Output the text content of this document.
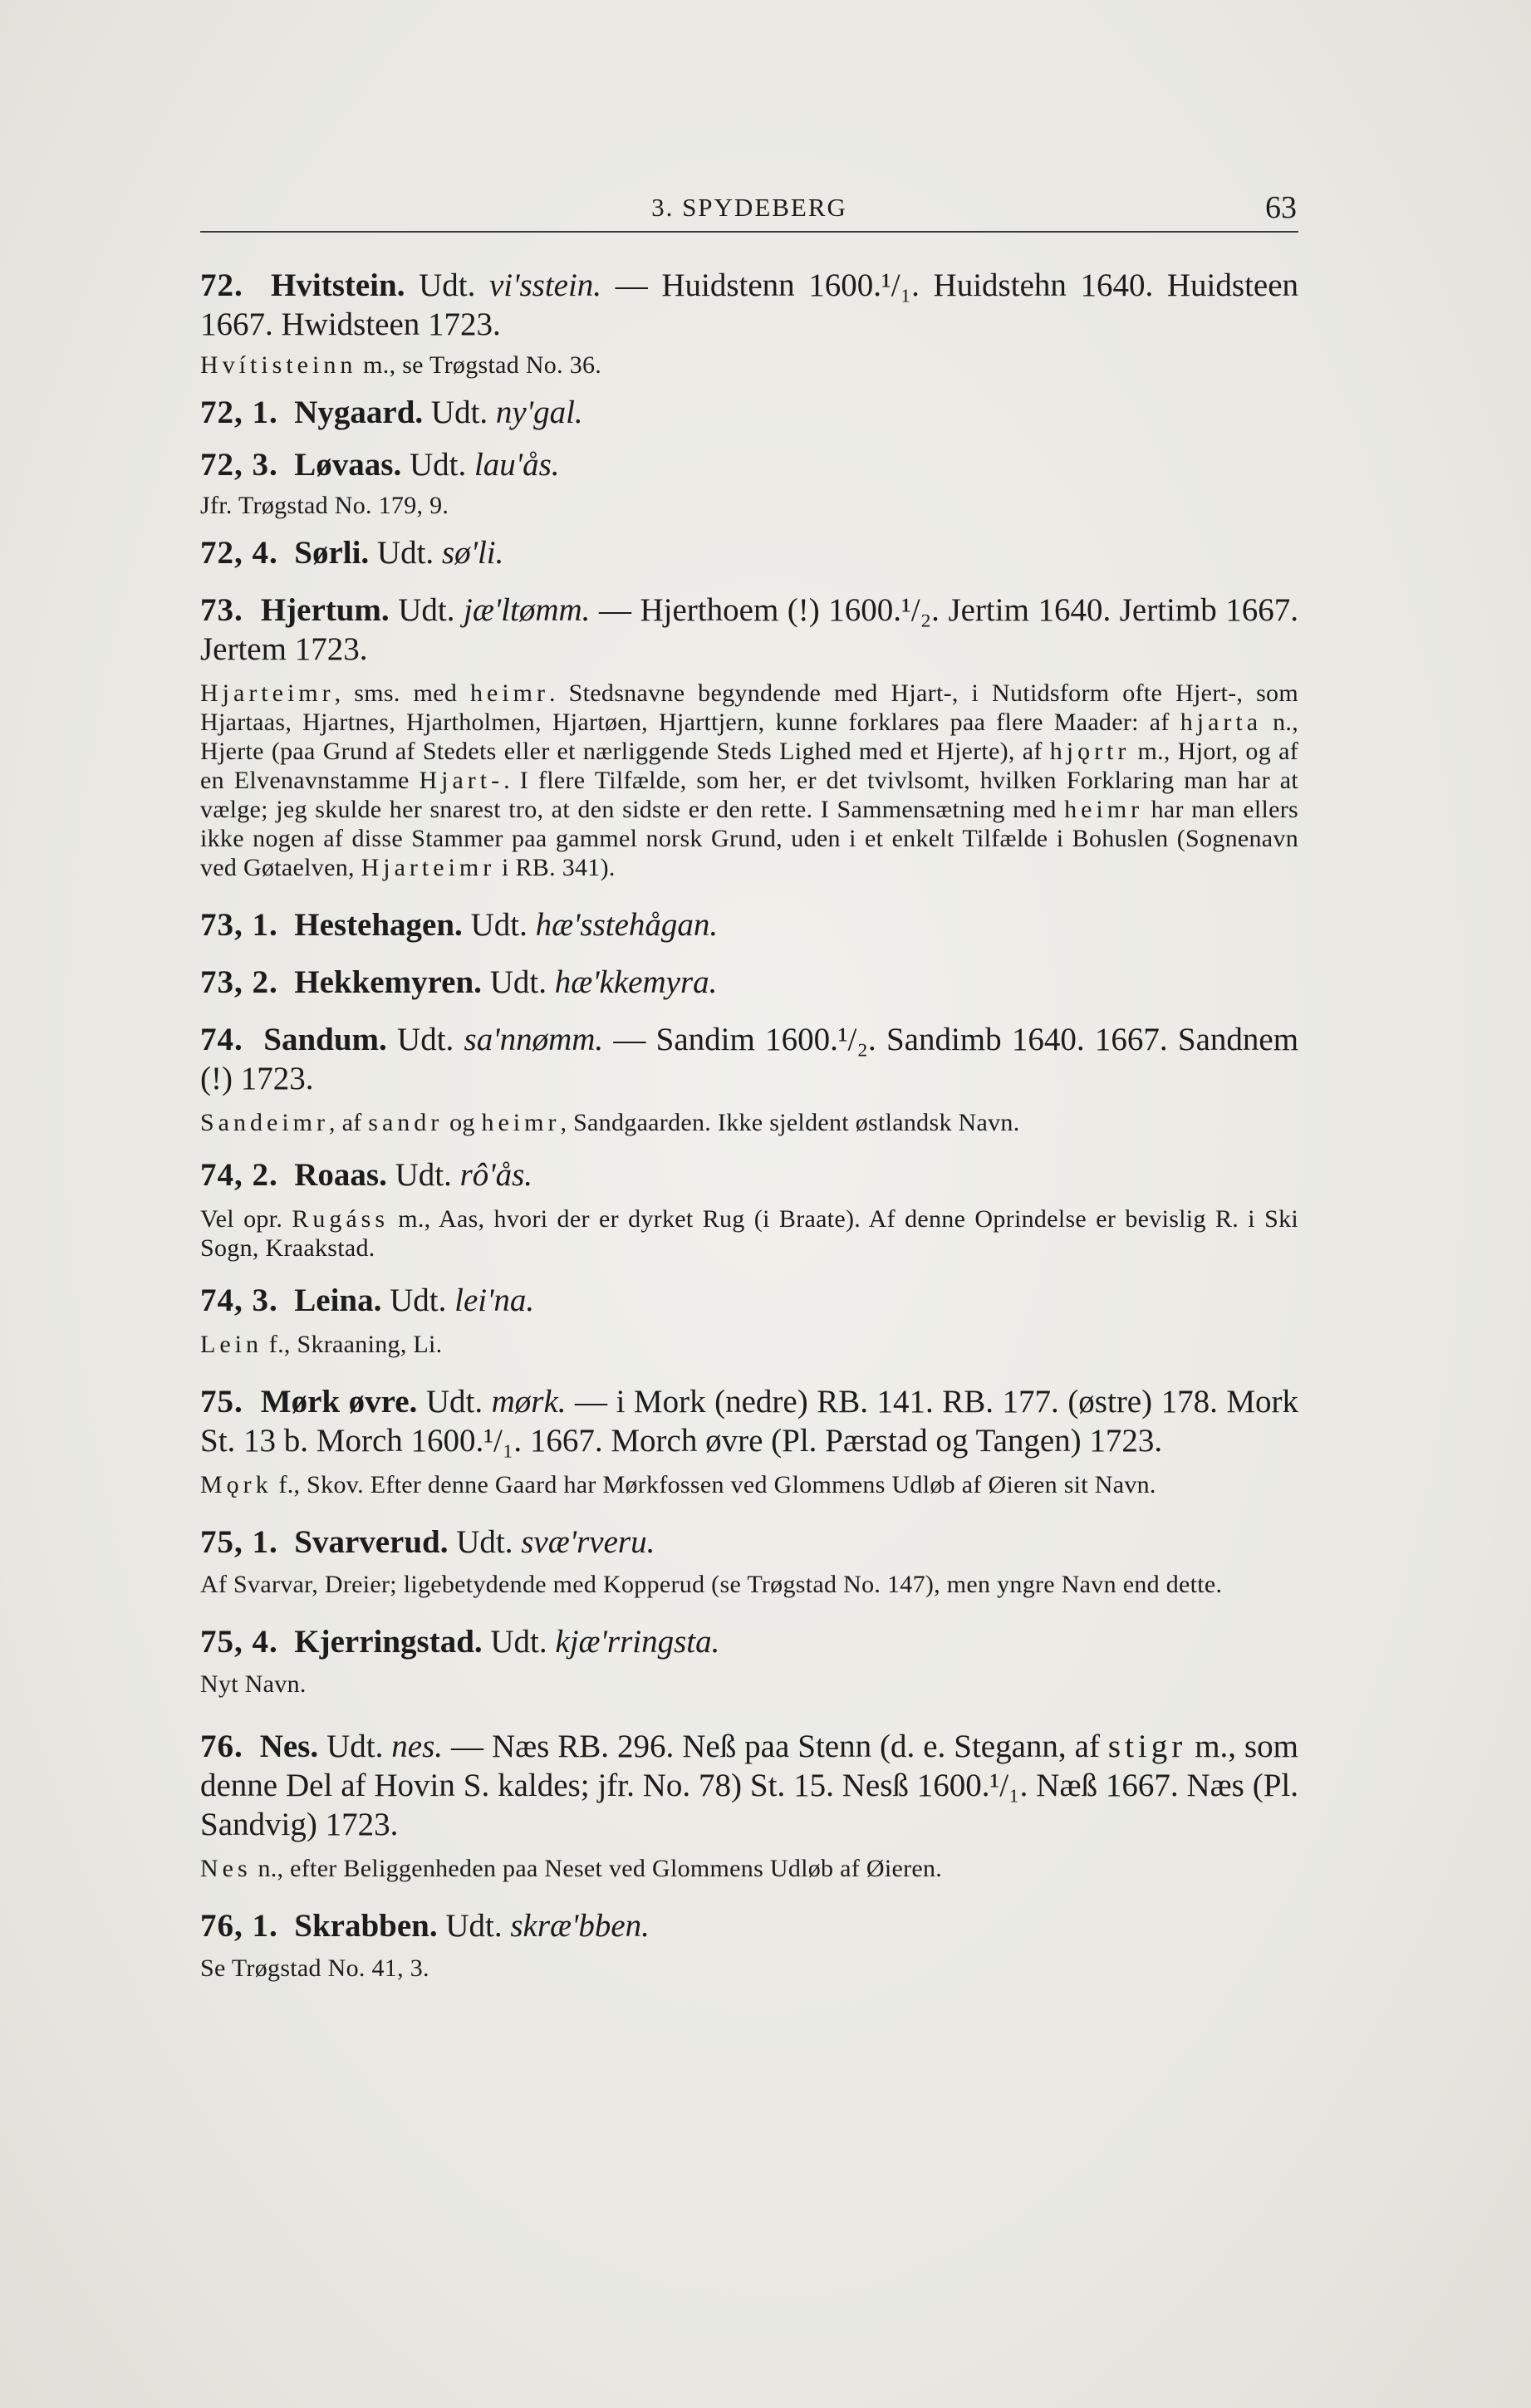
3. SPYDEBERG	63
72. Hvitstein. Udt. vi'sstein. — Huidstenn 1600.¹/₁. Huidstehn 1640. Huidsteen 1667. Hwidsteen 1723.
Hvítisteinn m., se Trøgstad No. 36.
72, 1. Nygaard. Udt. ny'gal.
72, 3. Løvaas. Udt. lau'ås.
Jfr. Trøgstad No. 179, 9.
72, 4. Sørli. Udt. sø'li.
73. Hjertum. Udt. jæ'ltømm. — Hjerthoem (!) 1600.¹/₂. Jertim 1640. Jertimb 1667. Jertem 1723.
Hjarteimr, sms. med heimr. Stedsnavne begyndende med Hjart-, i Nutidsform ofte Hjert-, som Hjartaas, Hjartnes, Hjartholmen, Hjartøen, Hjarttjern, kunne forklares paa flere Maader: af hjarta n., Hjerte (paa Grund af Stedets eller et nærliggende Steds Lighed med et Hjerte), af hjǫrtr m., Hjort, og af en Elvenavnstamme Hjart-. I flere Tilfælde, som her, er det tvivlsomt, hvilken Forklaring man har at vælge; jeg skulde her snarest tro, at den sidste er den rette. I Sammensætning med heimr har man ellers ikke nogen af disse Stammer paa gammel norsk Grund, uden i et enkelt Tilfælde i Bohuslen (Sognenavn ved Gøtaelven, Hjarteimr i RB. 341).
73, 1. Hestehagen. Udt. hæ'sstehågan.
73, 2. Hekkemyren. Udt. hæ'kkemyra.
74. Sandum. Udt. sa'nnømm. — Sandim 1600.¹/₂. Sandimb 1640. 1667. Sandnem (!) 1723.
Sandeimr, af sandr og heimr, Sandgaarden. Ikke sjeldent østlandsk Navn.
74, 2. Roaas. Udt. rô'ås.
Vel opr. Rugáss m., Aas, hvori der er dyrket Rug (i Braate). Af denne Oprindelse er bevislig R. i Ski Sogn, Kraakstad.
74, 3. Leina. Udt. lei'na.
Lein f., Skraaning, Li.
75. Mørk øvre. Udt. mørk. — i Mork (nedre) RB. 141. RB. 177. (østre) 178. Mork St. 13 b. Morch 1600.¹/₁. 1667. Morch øvre (Pl. Pærstad og Tangen) 1723.
Mǫrk f., Skov. Efter denne Gaard har Mørkfossen ved Glommens Udløb af Øieren sit Navn.
75, 1. Svarverud. Udt. svæ'rveru.
Af Svarvar, Dreier; ligebetydende med Kopperud (se Trøgstad No. 147), men yngre Navn end dette.
75, 4. Kjerringstad. Udt. kjæ'rringsta.
Nyt Navn.
76. Nes. Udt. nes. — Næs RB. 296. Neß paa Stenn (d. e. Stegann, af stigr m., som denne Del af Hovin S. kaldes; jfr. No. 78) St. 15. Nesß 1600.¹/₁. Næß 1667. Næs (Pl. Sandvig) 1723.
Nes n., efter Beliggenheden paa Neset ved Glommens Udløb af Øieren.
76, 1. Skrabben. Udt. skræ'bben.
Se Trøgstad No. 41, 3.
